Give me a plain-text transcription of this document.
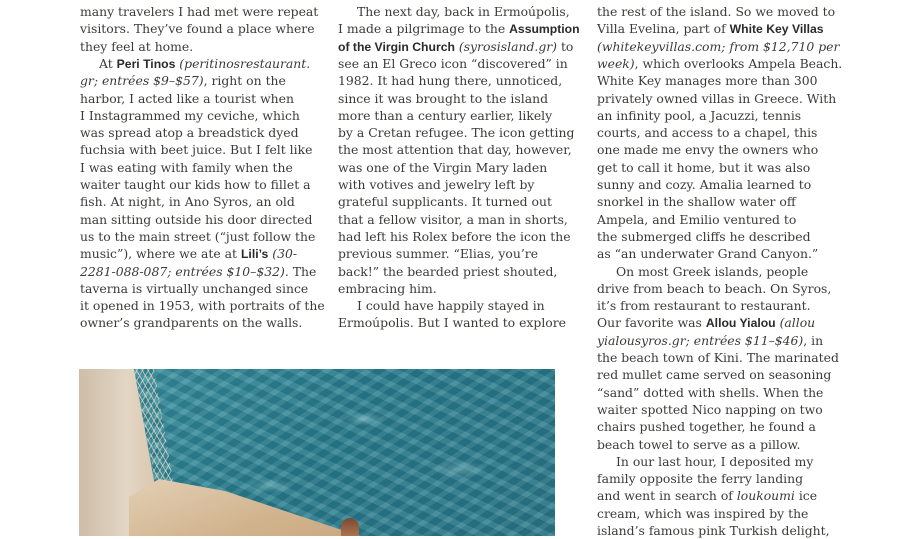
many travelers I had met were repeat
visitors. They’ve found a place where
they feel at home.
At Peri Tinos (peritinosrestaurant.
gr; entrées $9–$57), right on the
harbor, I acted like a tourist when
I Instagrammed my ceviche, which
was spread atop a breadstick dyed
fuchsia with beet juice. But I felt like
I was eating with family when the
waiter taught our kids how to fillet a
fish. At night, in Ano Syros, an old
man sitting outside his door directed
us to the main street (“just follow the
music”), where we ate at Lili’s (30-
2281-088-087; entrées $10–$32). The
taverna is virtually unchanged since
it opened in 1953, with portraits of the
owner’s grandparents on the walls.
The next day, back in Ermoúpolis,
I made a pilgrimage to the Assumption
of the Virgin Church (syrosisland.gr) to
see an El Greco icon “discovered” in
1982. It had hung there, unnoticed,
since it was brought to the island
more than a century earlier, likely
by a Cretan refugee. The icon getting
the most attention that day, however,
was one of the Virgin Mary laden
with votives and jewelry left by
grateful supplicants. It turned out
that a fellow visitor, a man in shorts,
had left his Rolex before the icon the
previous summer. “Elias, you’re
back!” the bearded priest shouted,
embracing him.
I could have happily stayed in
Ermoúpolis. But I wanted to explore
the rest of the island. So we moved to
Villa Evelina, part of White Key Villas
(whitekeyvillas.com; from $12,710 per
week), which overlooks Ampela Beach.
White Key manages more than 300
privately owned villas in Greece. With
an infinity pool, a Jacuzzi, tennis
courts, and access to a chapel, this
one made me envy the owners who
get to call it home, but it was also
sunny and cozy. Amalia learned to
snorkel in the shallow water off
Ampela, and Emilio ventured to
the submerged cliffs he described
as “an underwater Grand Canyon.”
On most Greek islands, people
drive from beach to beach. On Syros,
it’s from restaurant to restaurant.
Our favorite was Allou Yialou (allou
yialousyros.gr; entrées $11–$46), in
the beach town of Kini. The marinated
red mullet came served on seasoning
“sand” dotted with shells. When the
waiter spotted Nico napping on two
chairs pushed together, he found a
beach towel to serve as a pillow.
In our last hour, I deposited my
family opposite the ferry landing
and went in search of loukoumi ice
cream, which was inspired by the
island’s famous pink Turkish delight,
